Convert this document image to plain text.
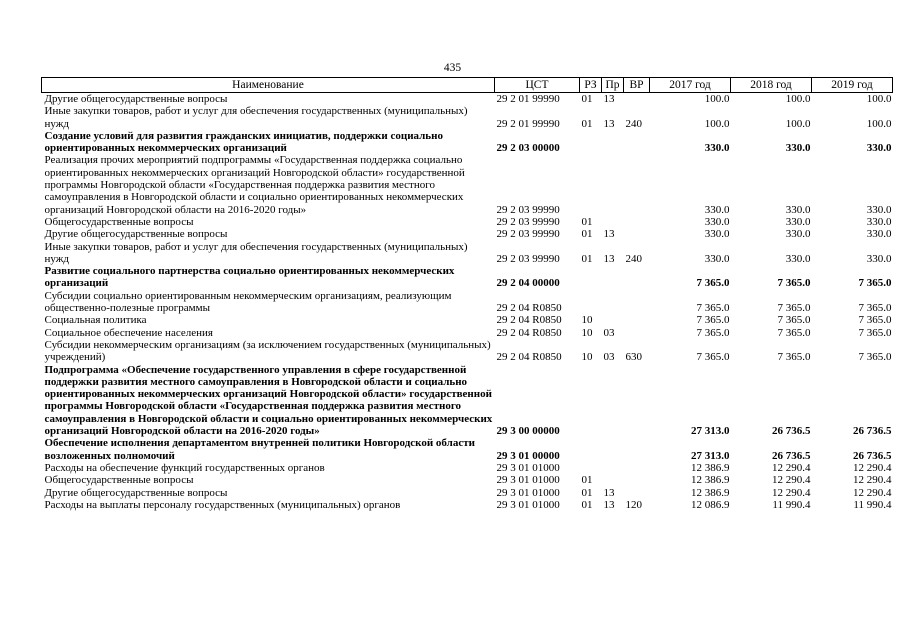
435
Наименование	ЦСТ	РЗ	Пр	ВР	2017 год	2018 год	2019 год
Другие общегосударственные вопросы	29 2 01 99990	01	13		100.0	100.0	100.0
Иные закупки товаров, работ и услуг для обеспечения государственных (муниципальных) нужд	29 2 01 99990	01	13	240	100.0	100.0	100.0
Создание условий для развития гражданских инициатив, поддержки социально ориентированных некоммерческих организаций	29 2 03 00000				330.0	330.0	330.0
Реализация прочих мероприятий подпрограммы «Государственная поддержка социально ориентированных некоммерческих организаций Новгородской области» государственной программы Новгородской области «Государственная поддержка развития местного самоуправления в Новгородской области и социально ориентированных некоммерческих организаций Новгородской области на 2016-2020 годы»	29 2 03 99990				330.0	330.0	330.0
Общегосударственные вопросы	29 2 03 99990	01			330.0	330.0	330.0
Другие общегосударственные вопросы	29 2 03 99990	01	13		330.0	330.0	330.0
Иные закупки товаров, работ и услуг для обеспечения государственных (муниципальных) нужд	29 2 03 99990	01	13	240	330.0	330.0	330.0
Развитие социального партнерства социально ориентированных некоммерческих организаций	29 2 04 00000				7 365.0	7 365.0	7 365.0
Субсидии социально ориентированным некоммерческим организациям, реализующим общественно-полезные программы	29 2 04 R0850				7 365.0	7 365.0	7 365.0
Социальная политика	29 2 04 R0850	10			7 365.0	7 365.0	7 365.0
Социальное обеспечение населения	29 2 04 R0850	10	03		7 365.0	7 365.0	7 365.0
Субсидии некоммерческим организациям (за исключением государственных (муниципальных) учреждений)	29 2 04 R0850	10	03	630	7 365.0	7 365.0	7 365.0
Подпрограмма «Обеспечение государственного управления в сфере государственной поддержки развития местного самоуправления в Новгородской области и социально ориентированных некоммерческих организаций Новгородской области» государственной программы Новгородской области «Государственная поддержка развития местного самоуправления в Новгородской области и социально ориентированных некоммерческих организаций Новгородской области на 2016-2020 годы»	29 3 00 00000				27 313.0	26 736.5	26 736.5
Обеспечение исполнения департаментом внутренней политики Новгородской области возложенных полномочий	29 3 01 00000				27 313.0	26 736.5	26 736.5
Расходы на обеспечение функций государственных органов	29 3 01 01000				12 386.9	12 290.4	12 290.4
Общегосударственные вопросы	29 3 01 01000	01			12 386.9	12 290.4	12 290.4
Другие общегосударственные вопросы	29 3 01 01000	01	13		12 386.9	12 290.4	12 290.4
Расходы на выплаты персоналу государственных (муниципальных) органов	29 3 01 01000	01	13	120	12 086.9	11 990.4	11 990.4
